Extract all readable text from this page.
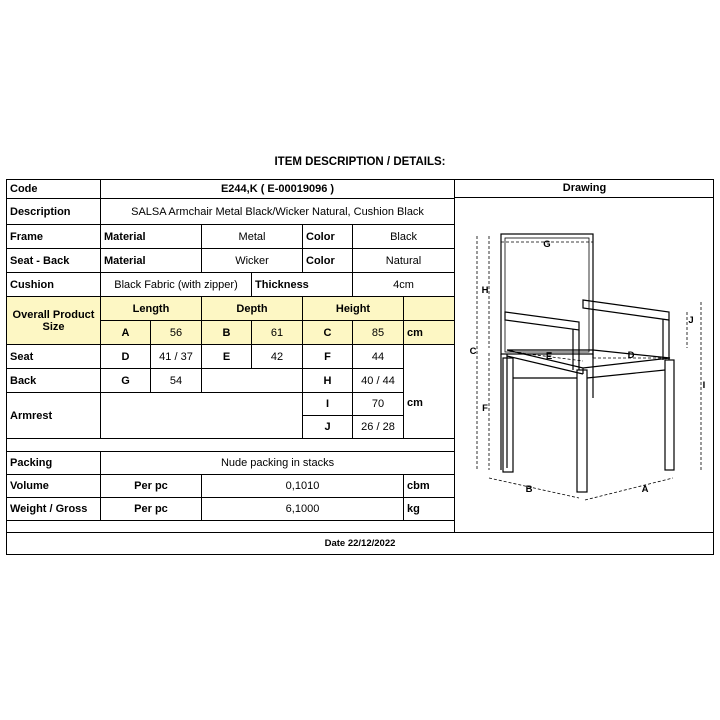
ITEM DESCRIPTION / DETAILS:
Code	E244,K ( E-00019096 )						
Description	SALSA Armchair Metal Black/Wicker Natural, Cushion Black						
Frame	Material		Metal		Color	Black	
Seat - Back	Material		Wicker		Color	Natural	
Cushion	Black Fabric (with zipper)			Thickness		4cm	
Overall Product
Size	Length		Depth		Height		
	A	56	B	61	C	85	cm
Seat	D	41 / 37	E	42	F	44	
Back	G	54			H	40 / 44	cm
Armrest					I	70	
					J	26 / 28	

Packing	Nude packing in stacks						
Volume	Per pc		0,1010				cbm
Weight / Gross	Per pc		6,1000				kg
Drawing
G
H
C
F
E	D
J
I
B	A
Date 22/12/2022
